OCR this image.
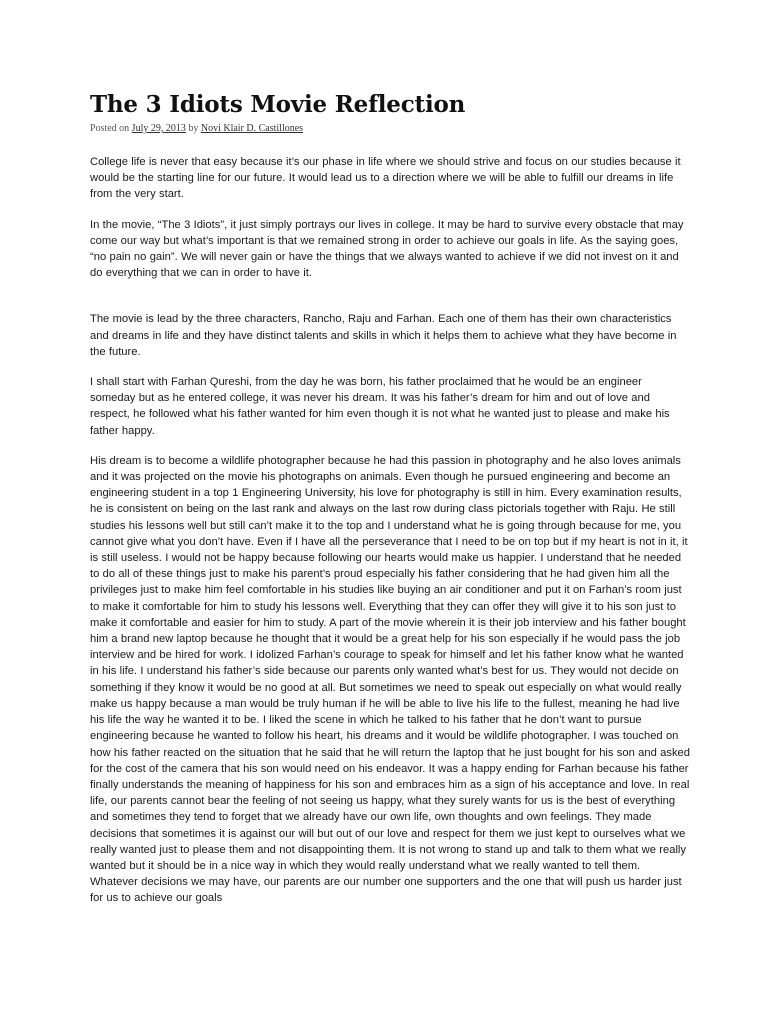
The 3 Idiots Movie Reflection
Posted on July 29, 2013 by Novi Klair D. Castillones

College life is never that easy because it’s our phase in life where we should strive and focus on our studies because it would be the starting line for our future. It would lead us to a direction where we will be able to fulfill our dreams in life from the very start.

In the movie, “The 3 Idiots”, it just simply portrays our lives in college. It may be hard to survive every obstacle that may come our way but what’s important is that we remained strong in order to achieve our goals in life. As the saying goes, “no pain no gain”. We will never gain or have the things that we always wanted to achieve if we did not invest on it and do everything that we can in order to have it.

The movie is lead by the three characters, Rancho, Raju and Farhan. Each one of them has their own characteristics and dreams in life and they have distinct talents and skills in which it helps them to achieve what they have become in the future.

I shall start with Farhan Qureshi, from the day he was born, his father proclaimed that he would be an engineer someday but as he entered college, it was never his dream. It was his father’s dream for him and out of love and respect, he followed what his father wanted for him even though it is not what he wanted just to please and make his father happy.

His dream is to become a wildlife photographer because he had this passion in photography and he also loves animals and it was projected on the movie his photographs on animals. Even though he pursued engineering and become an engineering student in a top 1 Engineering University, his love for photography is still in him. Every examination results, he is consistent on being on the last rank and always on the last row during class pictorials together with Raju. He still studies his lessons well but still can’t make it to the top and I understand what he is going through because for me, you cannot give what you don’t have. Even if I have all the perseverance that I need to be on top but if my heart is not in it, it is still useless. I would not be happy because following our hearts would make us happier. I understand that he needed to do all of these things just to make his parent’s proud especially his father considering that he had given him all the privileges just to make him feel comfortable in his studies like buying an air conditioner and put it on Farhan’s room just to make it comfortable for him to study his lessons well. Everything that they can offer they will give it to his son just to make it comfortable and easier for him to study. A part of the movie wherein it is their job interview and his father bought him a brand new laptop because he thought that it would be a great help for his son especially if he would pass the job interview and be hired for work. I idolized Farhan’s courage to speak for himself and let his father know what he wanted in his life. I understand his father’s side because our parents only wanted what’s best for us. They would not decide on something if they know it would be no good at all. But sometimes we need to speak out especially on what would really make us happy because a man would be truly human if he will be able to live his life to the fullest, meaning he had live his life the way he wanted it to be. I liked the scene in which he talked to his father that he don’t want to pursue engineering because he wanted to follow his heart, his dreams and it would be wildlife photographer. I was touched on how his father reacted on the situation that he said that he will return the laptop that he just bought for his son and asked for the cost of the camera that his son would need on his endeavor. It was a happy ending for Farhan because his father finally understands the meaning of happiness for his son and embraces him as a sign of his acceptance and love. In real life, our parents cannot bear the feeling of not seeing us happy, what they surely wants for us is the best of everything and sometimes they tend to forget that we already have our own life, own thoughts and own feelings. They made decisions that sometimes it is against our will but out of our love and respect for them we just kept to ourselves what we really wanted just to please them and not disappointing them. It is not wrong to stand up and talk to them what we really wanted but it should be in a nice way in which they would really understand what we really wanted to tell them. Whatever decisions we may have, our parents are our number one supporters and the one that will push us harder just for us to achieve our goals
